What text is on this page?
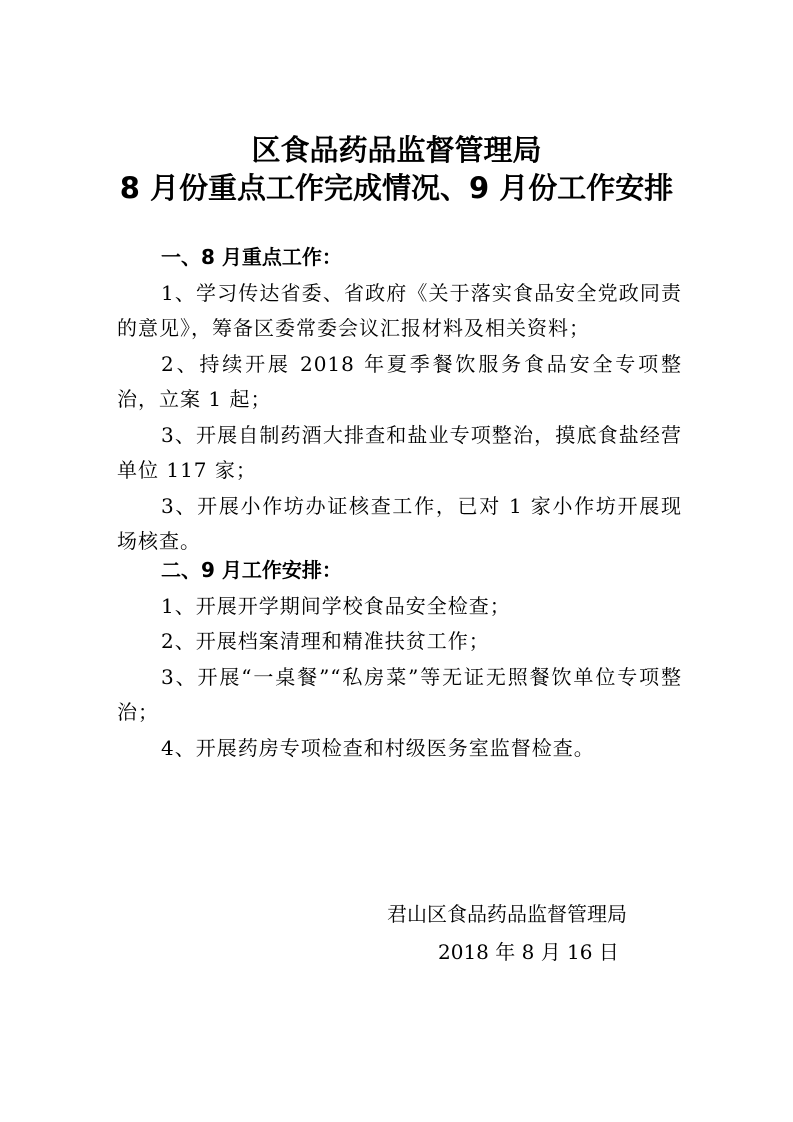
区食品药品监督管理局
8 月份重点工作完成情况、9 月份工作安排

一、8 月重点工作：

1、学习传达省委、省政府《关于落实食品安全党政同责的意见》，筹备区委常委会议汇报材料及相关资料；

2、持续开展 2018 年夏季餐饮服务食品安全专项整治，立案 1 起；

3、开展自制药酒大排查和盐业专项整治，摸底食盐经营单位 117 家；

3、开展小作坊办证核查工作，已对 1 家小作坊开展现场核查。

二、9 月工作安排：

1、开展开学期间学校食品安全检查；

2、开展档案清理和精准扶贫工作；

3、开展“一桌餐”“私房菜”等无证无照餐饮单位专项整治；

4、开展药房专项检查和村级医务室监督检查。

君山区食品药品监督管理局
2018 年 8 月 16 日
